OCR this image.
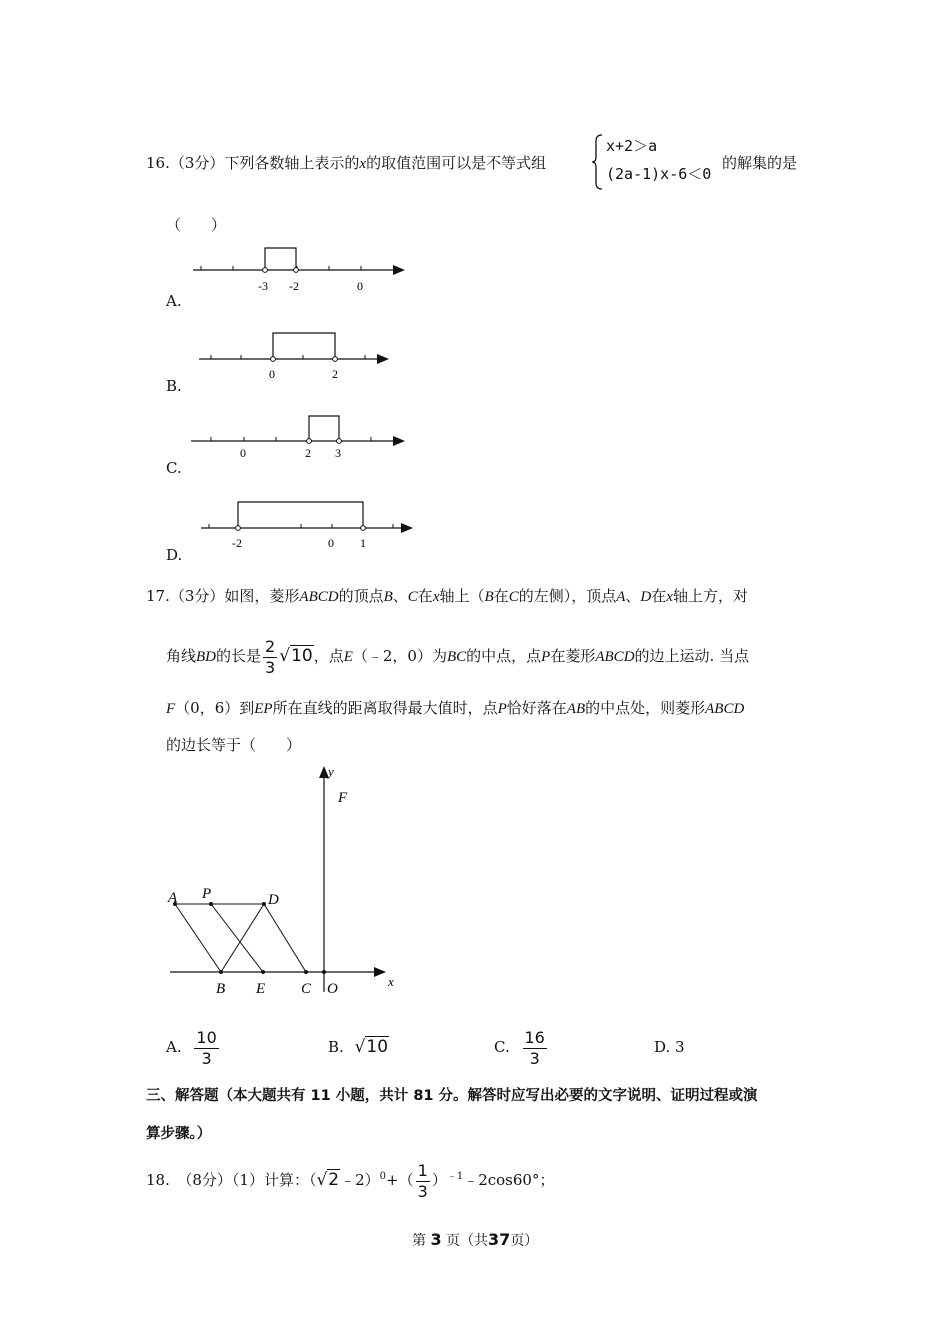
16.（3分）下列各数轴上表示的x的取值范围可以是不等式组
x+2＞a
(2a-1)x-6＜0
的解集的是
（　　）
-3 -2	0
A.
0	2
B.
0	2 3
C.
-2	0 1
D.
17.（3分）如图，菱形ABCD的顶点B、C在x轴上（B在C的左侧），顶点A、D在x轴上方，对
角线BD的长是 $\frac{2}{3} √10$，点E（﹣2，0）为BC的中点，点P在菱形ABCD的边上运动. 当点
F（0，6）到EP所在直线的距离取得最大值时，点P恰好落在AB的中点处，则菱形ABCD
的边长等于（　　）
y
F
A P	D
B E C O	x
A. $\frac{10}{3}$	B. √10	C. $\frac{16}{3}$	D. 3
三、解答题（本大题共有 11 小题，共计 81 分。解答时应写出必要的文字说明、证明过程或演
算步骤。）
18.　（8分）（1）计算：（√2﹣2）$^0$+（ $\frac{1}{3}$ ）$^{﹣1}$﹣2cos60°；
第 3 页（共37页）
